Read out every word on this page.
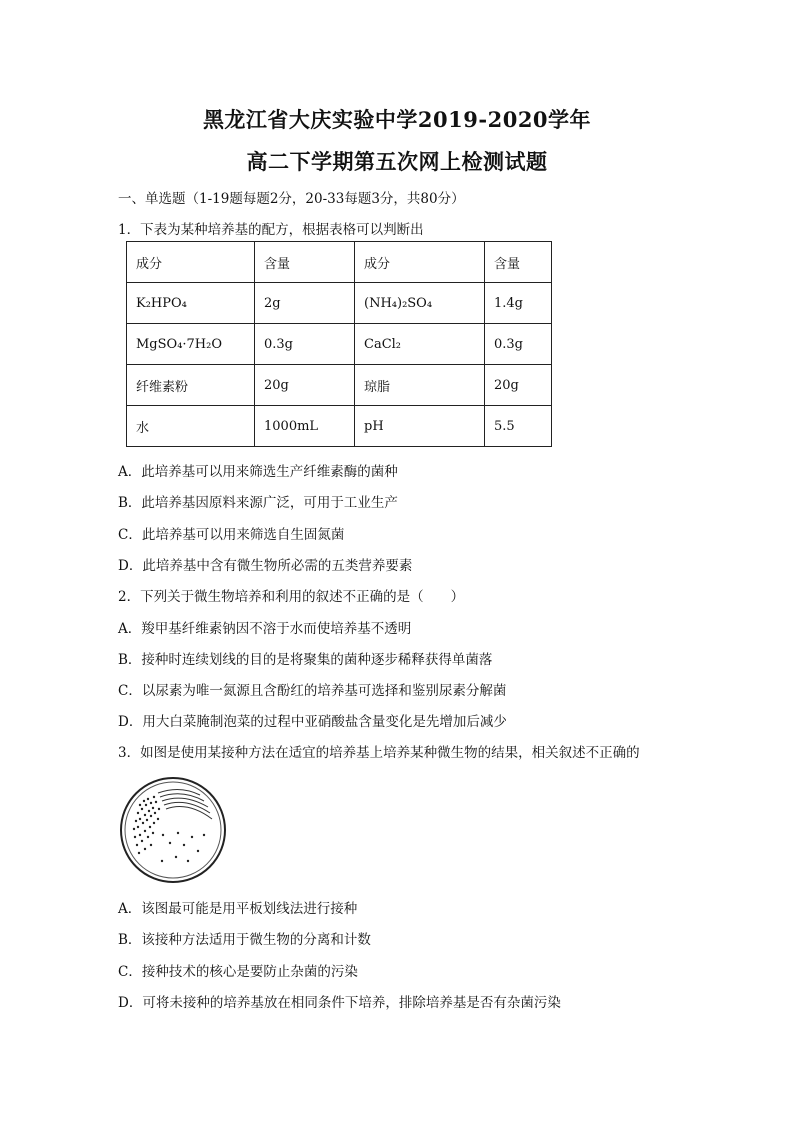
黑龙江省大庆实验中学2019-2020学年
高二下学期第五次网上检测试题
一、单选题（1-19题每题2分，20-33每题3分，共80分）
1．下表为某种培养基的配方，根据表格可以判断出
成分	含量	成分	含量
K₂HPO₄	2g	(NH₄)₂SO₄	1.4g
MgSO₄·7H₂O	0.3g	CaCl₂	0.3g
纤维素粉	20g	琼脂	20g
水	1000mL	pH	5.5
A．此培养基可以用来筛选生产纤维素酶的菌种
B．此培养基因原料来源广泛，可用于工业生产
C．此培养基可以用来筛选自生固氮菌
D．此培养基中含有微生物所必需的五类营养要素
2．下列关于微生物培养和利用的叙述不正确的是（　　）
A．羧甲基纤维素钠因不溶于水而使培养基不透明
B．接种时连续划线的目的是将聚集的菌种逐步稀释获得单菌落
C．以尿素为唯一氮源且含酚红的培养基可选择和鉴别尿素分解菌
D．用大白菜腌制泡菜的过程中亚硝酸盐含量变化是先增加后减少
3．如图是使用某接种方法在适宜的培养基上培养某种微生物的结果，相关叙述不正确的
A．该图最可能是用平板划线法进行接种
B．该接种方法适用于微生物的分离和计数
C．接种技术的核心是要防止杂菌的污染
D．可将未接种的培养基放在相同条件下培养，排除培养基是否有杂菌污染
